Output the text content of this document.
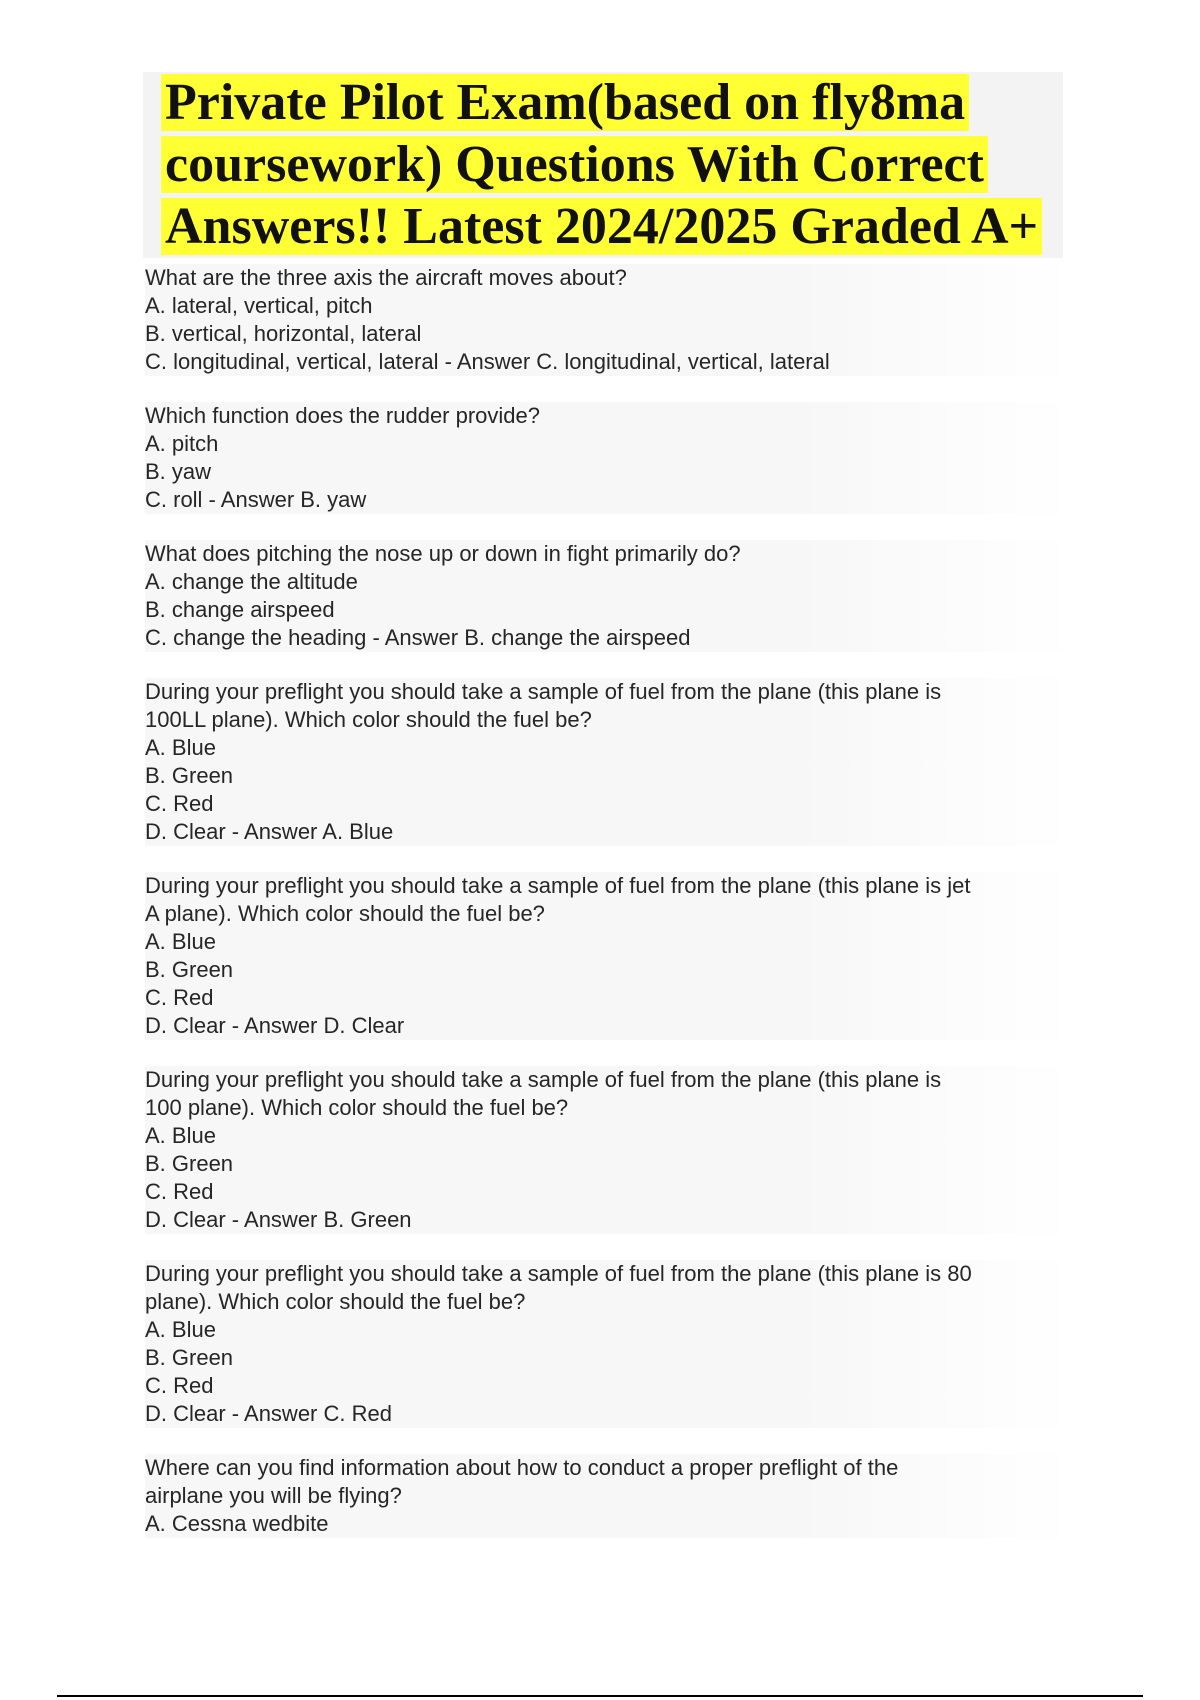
Private Pilot Exam(based on fly8ma coursework) Questions With Correct Answers!! Latest 2024/2025 Graded A+
What are the three axis the aircraft moves about?
A. lateral, vertical, pitch
B. vertical, horizontal, lateral
C. longitudinal, vertical, lateral - Answer C. longitudinal, vertical, lateral
Which function does the rudder provide?
A. pitch
B. yaw
C. roll - Answer B. yaw
What does pitching the nose up or down in fight primarily do?
A. change the altitude
B. change airspeed
C. change the heading - Answer B. change the airspeed
During your preflight you should take a sample of fuel from the plane (this plane is
100LL plane). Which color should the fuel be?
A. Blue
B. Green
C. Red
D. Clear - Answer A. Blue
During your preflight you should take a sample of fuel from the plane (this plane is jet
A plane). Which color should the fuel be?
A. Blue
B. Green
C. Red
D. Clear - Answer D. Clear
During your preflight you should take a sample of fuel from the plane (this plane is
100 plane). Which color should the fuel be?
A. Blue
B. Green
C. Red
D. Clear - Answer B. Green
During your preflight you should take a sample of fuel from the plane (this plane is 80
plane). Which color should the fuel be?
A. Blue
B. Green
C. Red
D. Clear - Answer C. Red
Where can you find information about how to conduct a proper preflight of the
airplane you will be flying?
A. Cessna wedbite
